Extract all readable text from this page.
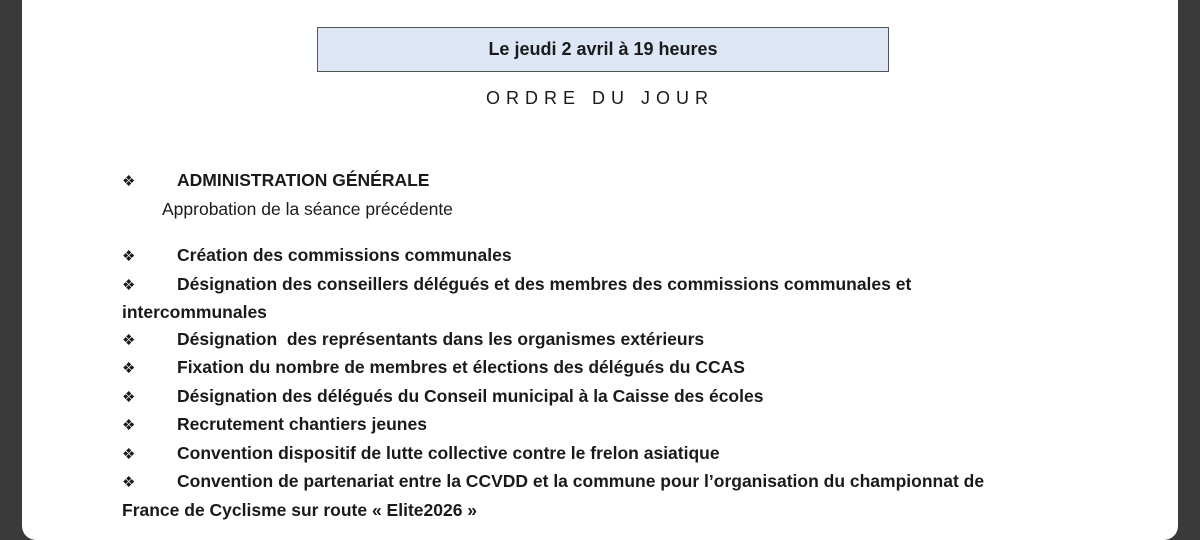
Le jeudi 2 avril à 19 heures
ORDRE DU JOUR
❖ ADMINISTRATION GÉNÉRALE
Approbation de la séance précédente
❖ Création des commissions communales
❖ Désignation des conseillers délégués et des membres des commissions communales et
intercommunales
❖ Désignation  des représentants dans les organismes extérieurs
❖ Fixation du nombre de membres et élections des délégués du CCAS
❖ Désignation des délégués du Conseil municipal à la Caisse des écoles
❖ Recrutement chantiers jeunes
❖ Convention dispositif de lutte collective contre le frelon asiatique
❖ Convention de partenariat entre la CCVDD et la commune pour l’organisation du championnat de
France de Cyclisme sur route « Elite2026 »
